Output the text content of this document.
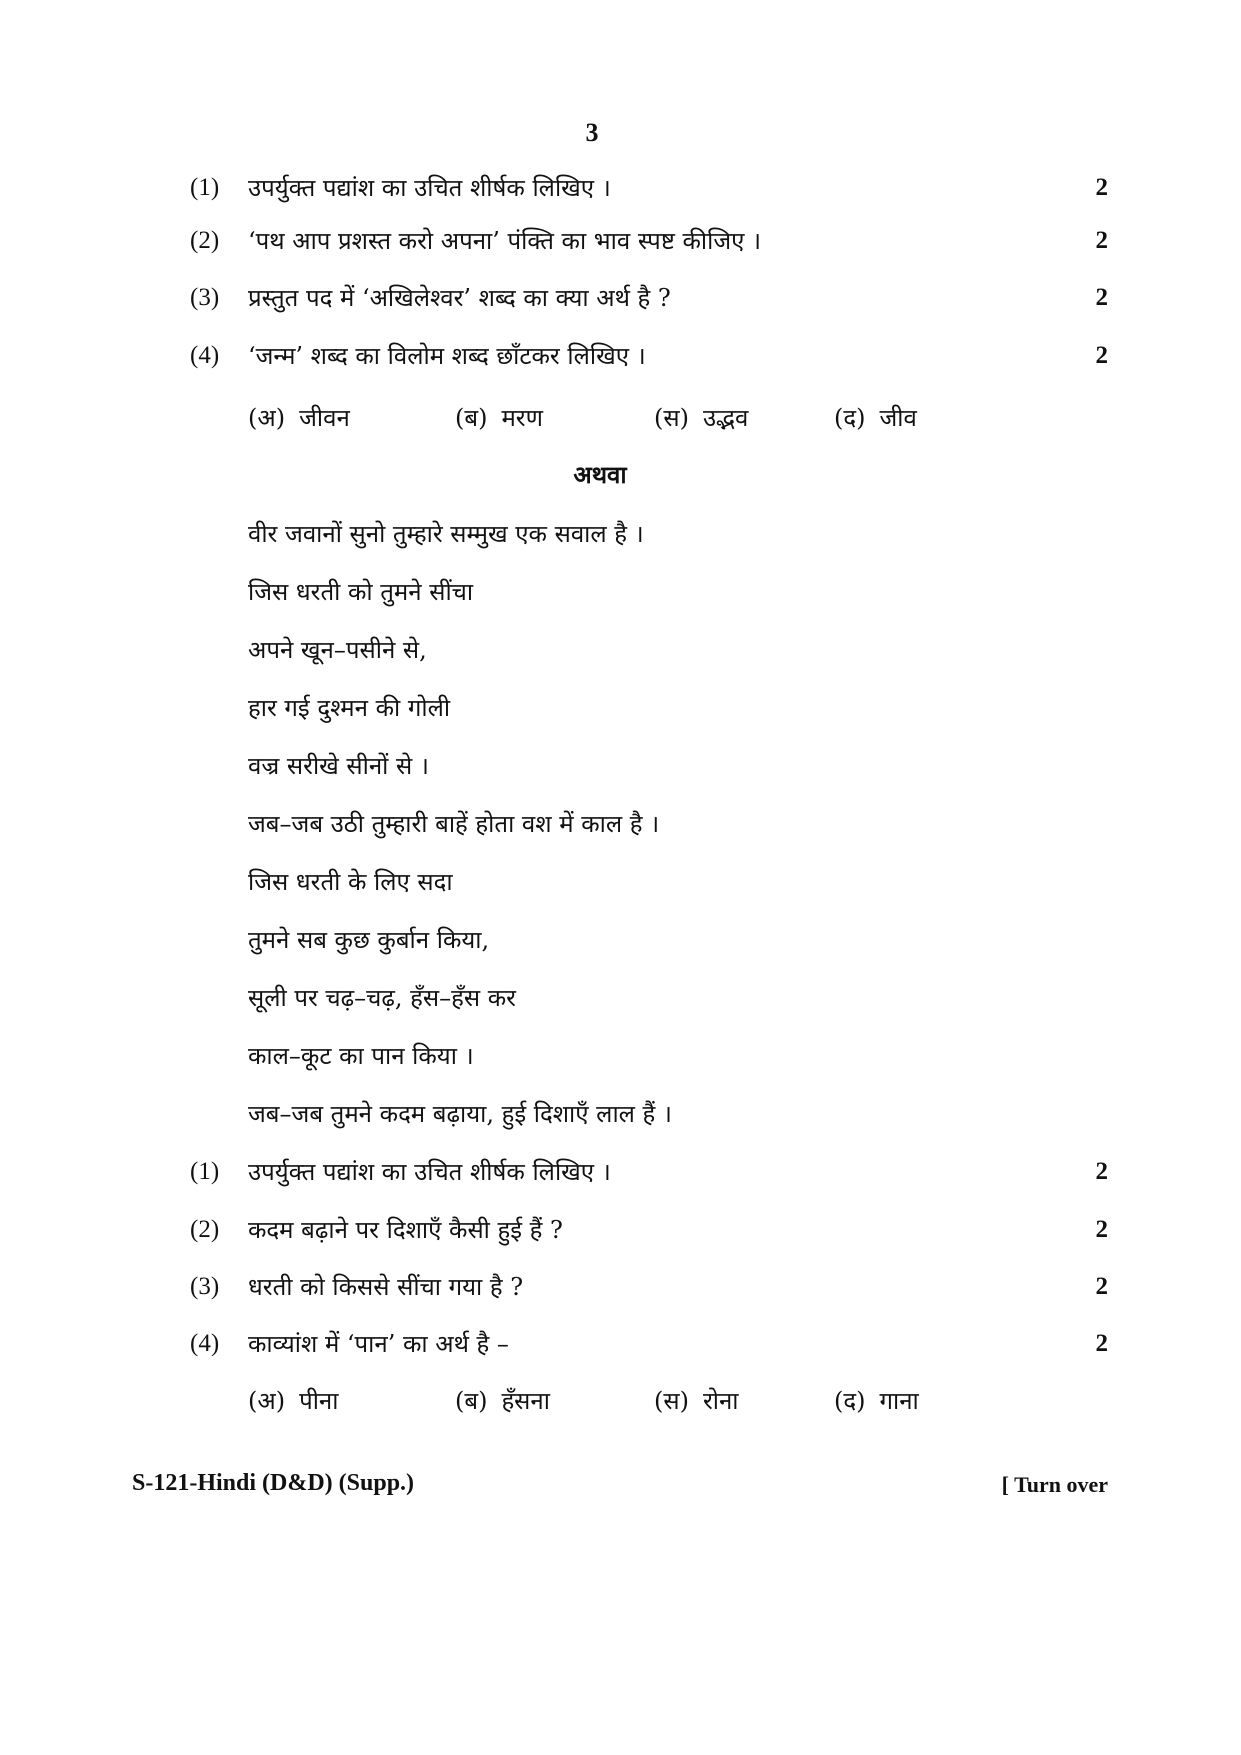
3
(1) उपर्युक्त पद्यांश का उचित शीर्षक लिखिए ।	2
(2) ‘पथ आप प्रशस्त करो अपना’ पंक्ति का भाव स्पष्ट कीजिए ।	2
(3) प्रस्तुत पद में ‘अखिलेश्वर’ शब्द का क्या अर्थ है ?	2
(4) ‘जन्म’ शब्द का विलोम शब्द छाँटकर लिखिए ।	2
(अ) जीवन	(ब) मरण	(स) उद्भव	(द) जीव
अथवा
वीर जवानों सुनो तुम्हारे सम्मुख एक सवाल है ।
जिस धरती को तुमने सींचा
अपने खून–पसीने से,
हार गई दुश्मन की गोली
वज्र सरीखे सीनों से ।
जब–जब उठी तुम्हारी बाहें होता वश में काल है ।
जिस धरती के लिए सदा
तुमने सब कुछ कुर्बान किया,
सूली पर चढ़–चढ़, हँस–हँस कर
काल–कूट का पान किया ।
जब–जब तुमने कदम बढ़ाया, हुई दिशाएँ लाल हैं ।
(1) उपर्युक्त पद्यांश का उचित शीर्षक लिखिए ।	2
(2) कदम बढ़ाने पर दिशाएँ कैसी हुई हैं ?	2
(3) धरती को किससे सींचा गया है ?	2
(4) काव्यांश में ‘पान’ का अर्थ है –	2
(अ) पीना	(ब) हँसना	(स) रोना	(द) गाना
S-121-Hindi (D&D) (Supp.)	[ Turn over
